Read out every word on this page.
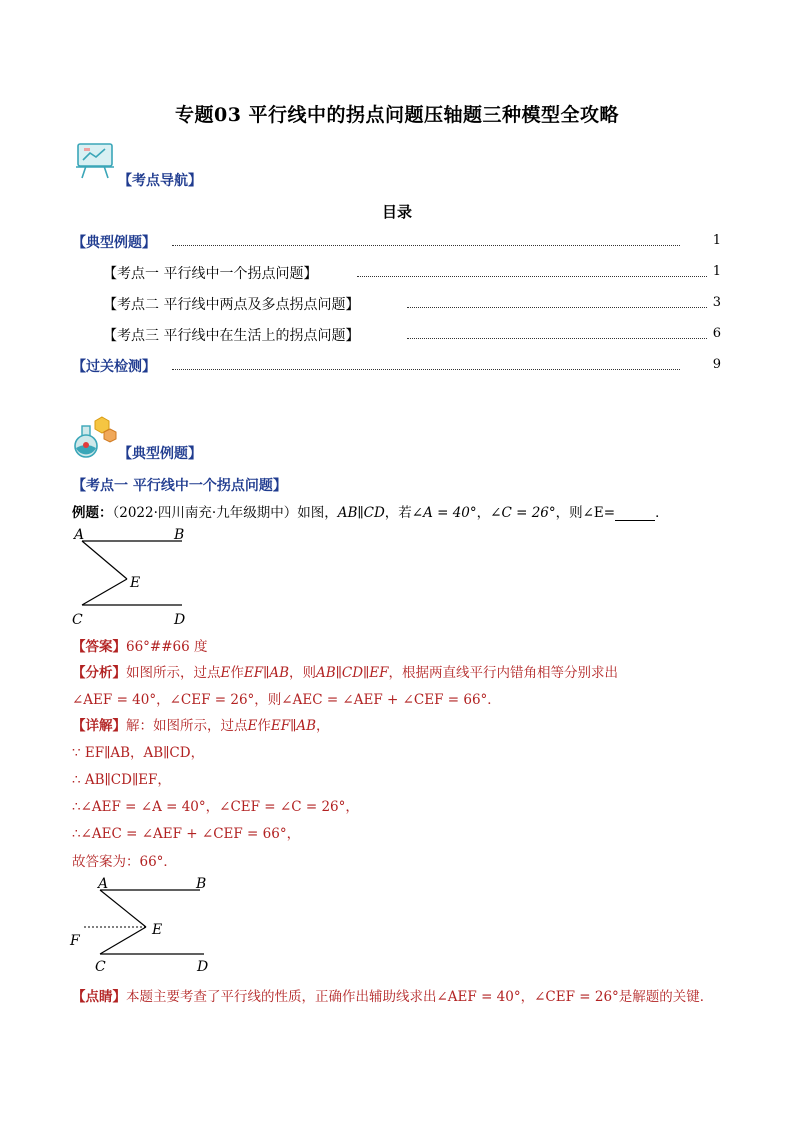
专题03 平行线中的拐点问题压轴题三种模型全攻略
【考点导航】
目录
【典型例题】	1
【考点一 平行线中一个拐点问题】	1
【考点二 平行线中两点及多点拐点问题】	3
【考点三 平行线中在生活上的拐点问题】	6
【过关检测】	9
【典型例题】
【考点一 平行线中一个拐点问题】
例题：（2022·四川南充·九年级期中）如图，AB∥CD，若∠A = 40°，∠C = 26°，则∠E=	．
A	B
E
C	D
【答案】66°##66 度
【分析】如图所示，过点E作EF∥AB，则AB∥CD∥EF，根据两直线平行内错角相等分别求出
∠AEF = 40°，∠CEF = 26°，则∠AEC = ∠AEF + ∠CEF = 66°．
【详解】解：如图所示，过点E作EF∥AB，
∵ EF∥AB，AB∥CD，
∴ AB∥CD∥EF，
∴∠AEF = ∠A = 40°，∠CEF = ∠C = 26°，
∴∠AEC = ∠AEF + ∠CEF = 66°，
故答案为：66°．
A	B
E
F
C	D
【点睛】本题主要考查了平行线的性质，正确作出辅助线求出∠AEF = 40°，∠CEF = 26°是解题的关键．
